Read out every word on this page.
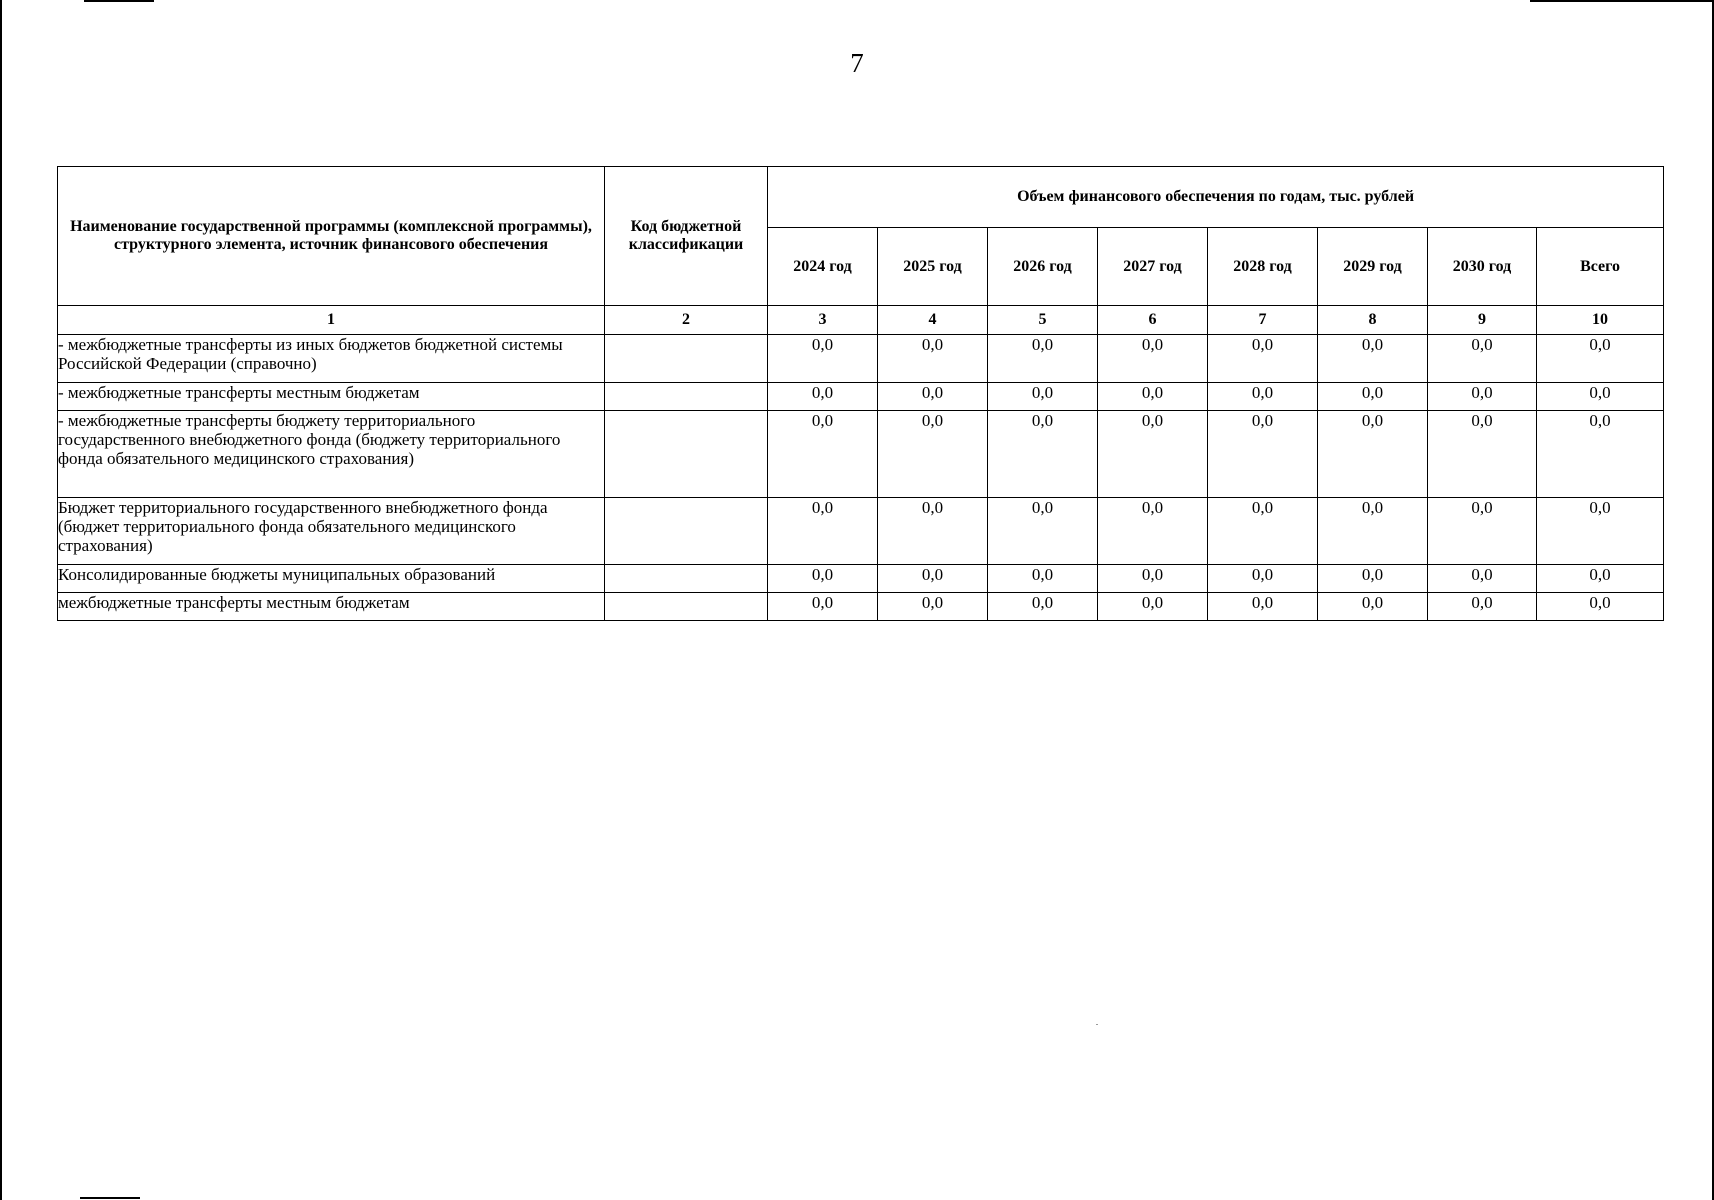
7
Наименование государственной программы (комплексной программы), структурного элемента, источник финансового обеспечения	Код бюджетной классификации	Объем финансового обеспечения по годам, тыс. рублей							
		2024 год	2025 год	2026 год	2027 год	2028 год	2029 год	2030 год	Всего
1	2	3	4	5	6	7	8	9	10
- межбюджетные трансферты из иных бюджетов бюджетной системы Российской Федерации (справочно)		0,0	0,0	0,0	0,0	0,0	0,0	0,0	0,0
- межбюджетные трансферты местным бюджетам		0,0	0,0	0,0	0,0	0,0	0,0	0,0	0,0
- межбюджетные трансферты бюджету территориального государственного внебюджетного фонда (бюджету территориального фонда обязательного медицинского страхования)		0,0	0,0	0,0	0,0	0,0	0,0	0,0	0,0
Бюджет территориального государственного внебюджетного фонда (бюджет территориального фонда обязательного медицинского страхования)		0,0	0,0	0,0	0,0	0,0	0,0	0,0	0,0
Консолидированные бюджеты муниципальных образований		0,0	0,0	0,0	0,0	0,0	0,0	0,0	0,0
межбюджетные трансферты местным бюджетам		0,0	0,0	0,0	0,0	0,0	0,0	0,0	0,0
